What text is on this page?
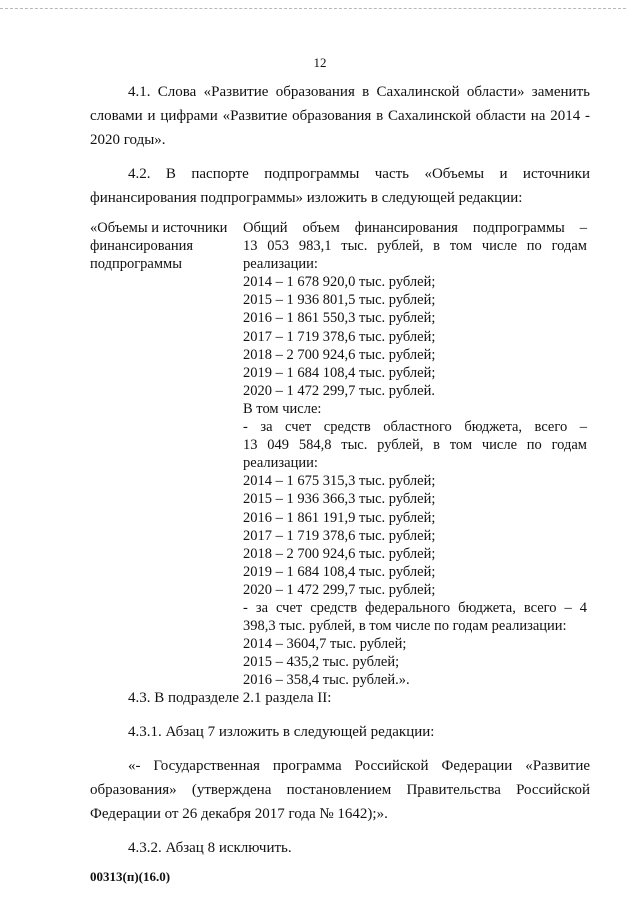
12

4.1. Слова «Развитие образования в Сахалинской области» заменить словами и цифрами «Развитие образования в Сахалинской области на 2014 - 2020 годы».

4.2. В паспорте подпрограммы часть «Объемы и источники финансирования подпрограммы» изложить в следующей редакции:

«Объемы и источники
финансирования
подпрограммы
Общий объем финансирования подпрограммы –
13 053 983,1 тыс. рублей, в том числе по годам
реализации:
2014 – 1 678 920,0 тыс. рублей;
2015 – 1 936 801,5 тыс. рублей;
2016 – 1 861 550,3 тыс. рублей;
2017 – 1 719 378,6 тыс. рублей;
2018 – 2 700 924,6 тыс. рублей;
2019 – 1 684 108,4 тыс. рублей;
2020 – 1 472 299,7 тыс. рублей.
В том числе:
- за счет средств областного бюджета, всего –
13 049 584,8 тыс. рублей, в том числе по годам
реализации:
2014 – 1 675 315,3 тыс. рублей;
2015 – 1 936 366,3 тыс. рублей;
2016 – 1 861 191,9 тыс. рублей;
2017 – 1 719 378,6 тыс. рублей;
2018 – 2 700 924,6 тыс. рублей;
2019 – 1 684 108,4 тыс. рублей;
2020 – 1 472 299,7 тыс. рублей;
- за счет средств федерального бюджета, всего – 4
398,3 тыс. рублей, в том числе по годам реализации:
2014 – 3604,7 тыс. рублей;
2015 – 435,2 тыс. рублей;
2016 – 358,4 тыс. рублей.».

4.3. В подразделе 2.1 раздела II:

4.3.1. Абзац 7 изложить в следующей редакции:

«- Государственная программа Российской Федерации «Развитие образования» (утверждена постановлением Правительства Российской Федерации от 26 декабря 2017 года № 1642);».

4.3.2. Абзац 8 исключить.

00313(п)(16.0)
